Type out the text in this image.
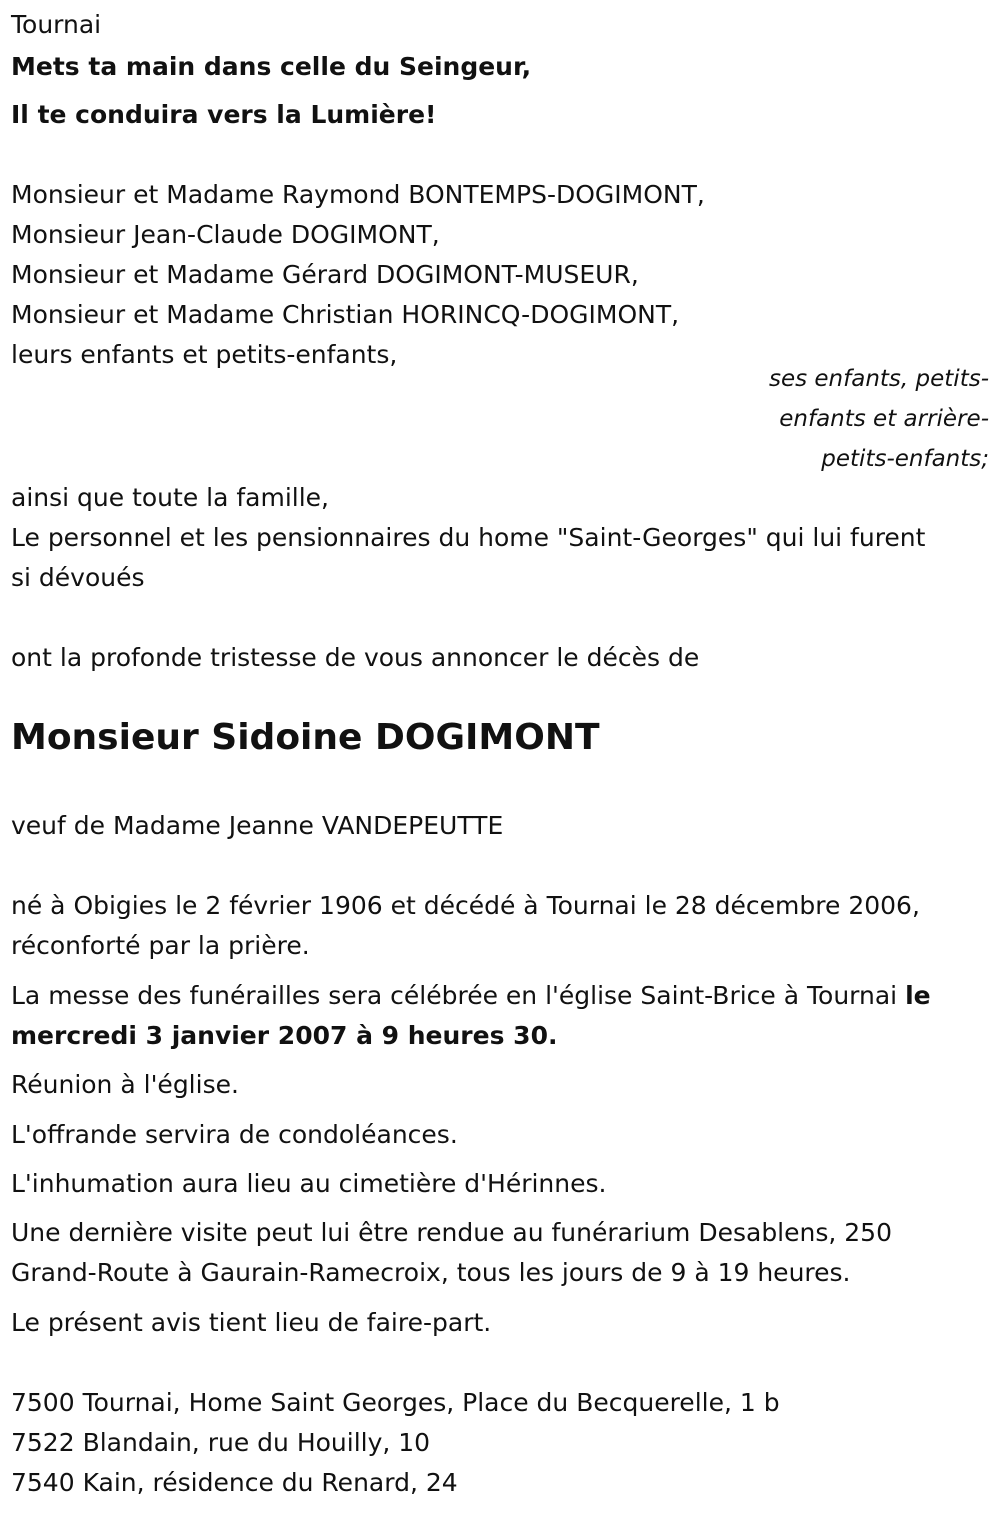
Tournai
Mets ta main dans celle du Seingeur,
Il te conduira vers la Lumière!
Monsieur et Madame Raymond BONTEMPS-DOGIMONT,
Monsieur Jean-Claude DOGIMONT,
Monsieur et Madame Gérard DOGIMONT-MUSEUR,
Monsieur et Madame Christian HORINCQ-DOGIMONT,
leurs enfants et petits-enfants,
ses enfants, petits-
enfants et arrière-
petits-enfants;
ainsi que toute la famille,
Le personnel et les pensionnaires du home "Saint-Georges" qui lui furent
si dévoués
ont la profonde tristesse de vous annoncer le décès de
Monsieur Sidoine DOGIMONT
veuf de Madame Jeanne VANDEPEUTTE
né à Obigies le 2 février 1906 et décédé à Tournai le 28 décembre 2006,
réconforté par la prière.
La messe des funérailles sera célébrée en l'église Saint-Brice à Tournai le
mercredi 3 janvier 2007 à 9 heures 30.
Réunion à l'église.
L'offrande servira de condoléances.
L'inhumation aura lieu au cimetière d'Hérinnes.
Une dernière visite peut lui être rendue au funérarium Desablens, 250
Grand-Route à Gaurain-Ramecroix, tous les jours de 9 à 19 heures.
Le présent avis tient lieu de faire-part.
7500 Tournai, Home Saint Georges, Place du Becquerelle, 1 b
7522 Blandain, rue du Houilly, 10
7540 Kain, résidence du Renard, 24
